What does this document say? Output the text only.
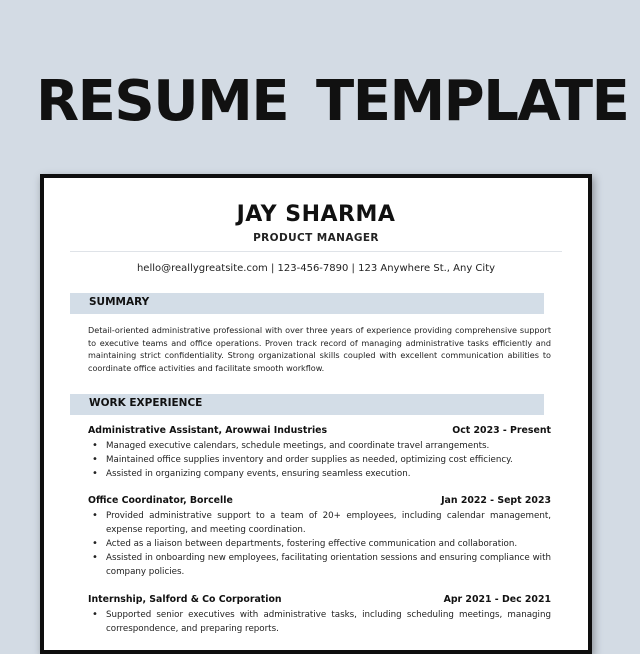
RESUME TEMPLATE
JAY SHARMA
PRODUCT MANAGER
hello@reallygreatsite.com | 123-456-7890 | 123 Anywhere St., Any City
SUMMARY
Detail-oriented administrative professional with over three years of experience providing comprehensive support to executive teams and office operations. Proven track record of managing administrative tasks efficiently and maintaining strict confidentiality. Strong organizational skills coupled with excellent communication abilities to coordinate office activities and facilitate smooth workflow.
WORK EXPERIENCE
Administrative Assistant, Arowwai Industries	Oct 2023 - Present
• Managed executive calendars, schedule meetings, and coordinate travel arrangements.
• Maintained office supplies inventory and order supplies as needed, optimizing cost efficiency.
• Assisted in organizing company events, ensuring seamless execution.
Office Coordinator, Borcelle	Jan 2022 - Sept 2023
• Provided administrative support to a team of 20+ employees, including calendar management, expense reporting, and meeting coordination.
• Acted as a liaison between departments, fostering effective communication and collaboration.
• Assisted in onboarding new employees, facilitating orientation sessions and ensuring compliance with company policies.
Internship, Salford & Co Corporation	Apr 2021 - Dec 2021
• Supported senior executives with administrative tasks, including scheduling meetings, managing correspondence, and preparing reports.
